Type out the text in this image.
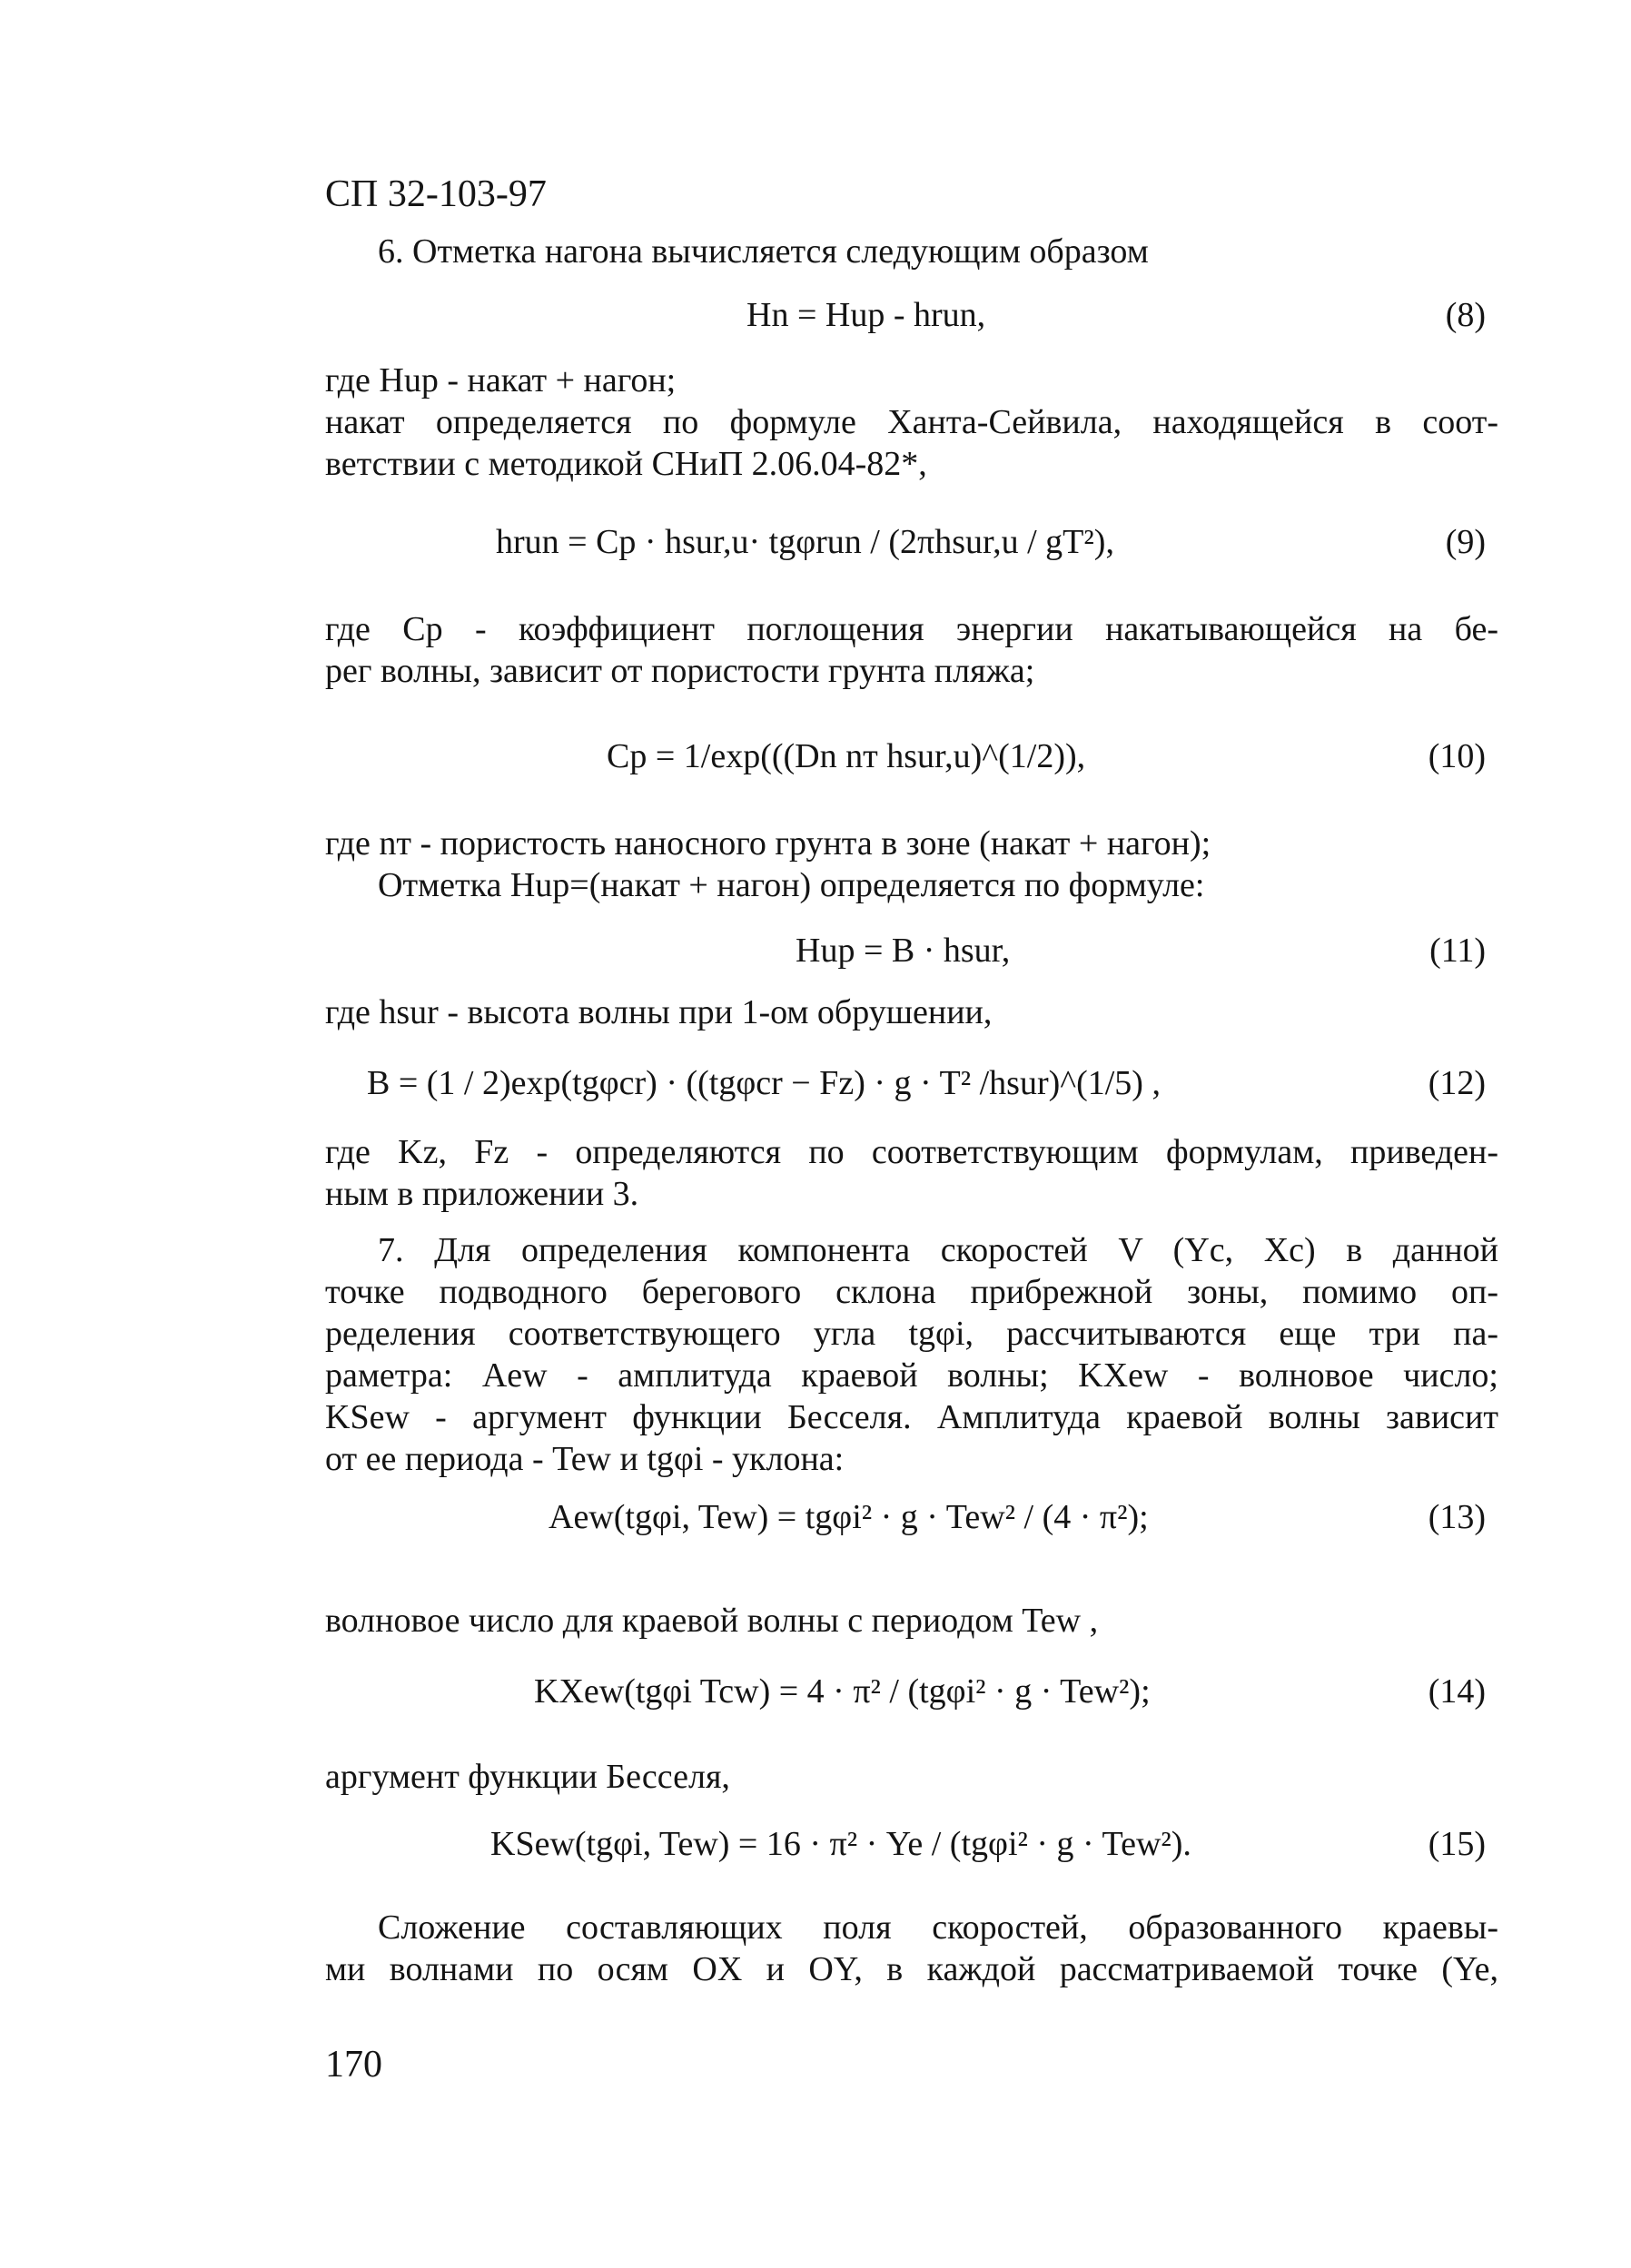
СП 32-103-97
6. Отметка нагона вычисляется следующим образом
Hn = Hup - hrun,	(8)
где Hup - накат + нагон;
накат определяется по формуле Ханта-Сейвила, находящейся в соот-
ветствии с методикой СНиП 2.06.04-82*,
hrun = Cp · hsur,u· tgφrun / (2πhsur,u / gT²),	(9)
где Cp - коэффициент поглощения энергии накатывающейся на бе-
рег волны, зависит от пористости грунта пляжа;
Cp = 1/exp(((Dn nт hsur,u)^(1/2)),	(10)
где nт - пористость наносного грунта в зоне (накат + нагон);
Отметка Hup=(накат + нагон) определяется по формуле:
Hup = B · hsur,	(11)
где hsur - высота волны при 1-ом обрушении,
B = (1 / 2)exp(tgφcr) · ((tgφcr − Fz) · g · T² /hsur)^(1/5) ,	(12)
где Kz, Fz - определяются по соответствующим формулам, приведен-
ным в приложении 3.
7. Для определения компонента скоростей V (Yc, Xc) в данной
точке подводного берегового склона прибрежной зоны, помимо оп-
ределения соответствующего угла tgφi, рассчитываются еще три па-
раметра: Aew - амплитуда краевой волны; KXew - волновое число;
KSew - аргумент функции Бесселя. Амплитуда краевой волны зависит
от ее периода - Tew и tgφi - уклона:
Aew(tgφi, Tew) = tgφi² · g · Tew² / (4 · π²);	(13)
волновое число для краевой волны с периодом Tew ,
KXew(tgφi Tcw) = 4 · π² / (tgφi² · g · Tew²);	(14)
аргумент функции Бесселя,
KSew(tgφi, Tew) = 16 · π² · Ye / (tgφi² · g · Tew²).	(15)
Сложение составляющих поля скоростей, образованного краевы-
ми волнами по осям OX и OY, в каждой рассматриваемой точке (Ye,
170
